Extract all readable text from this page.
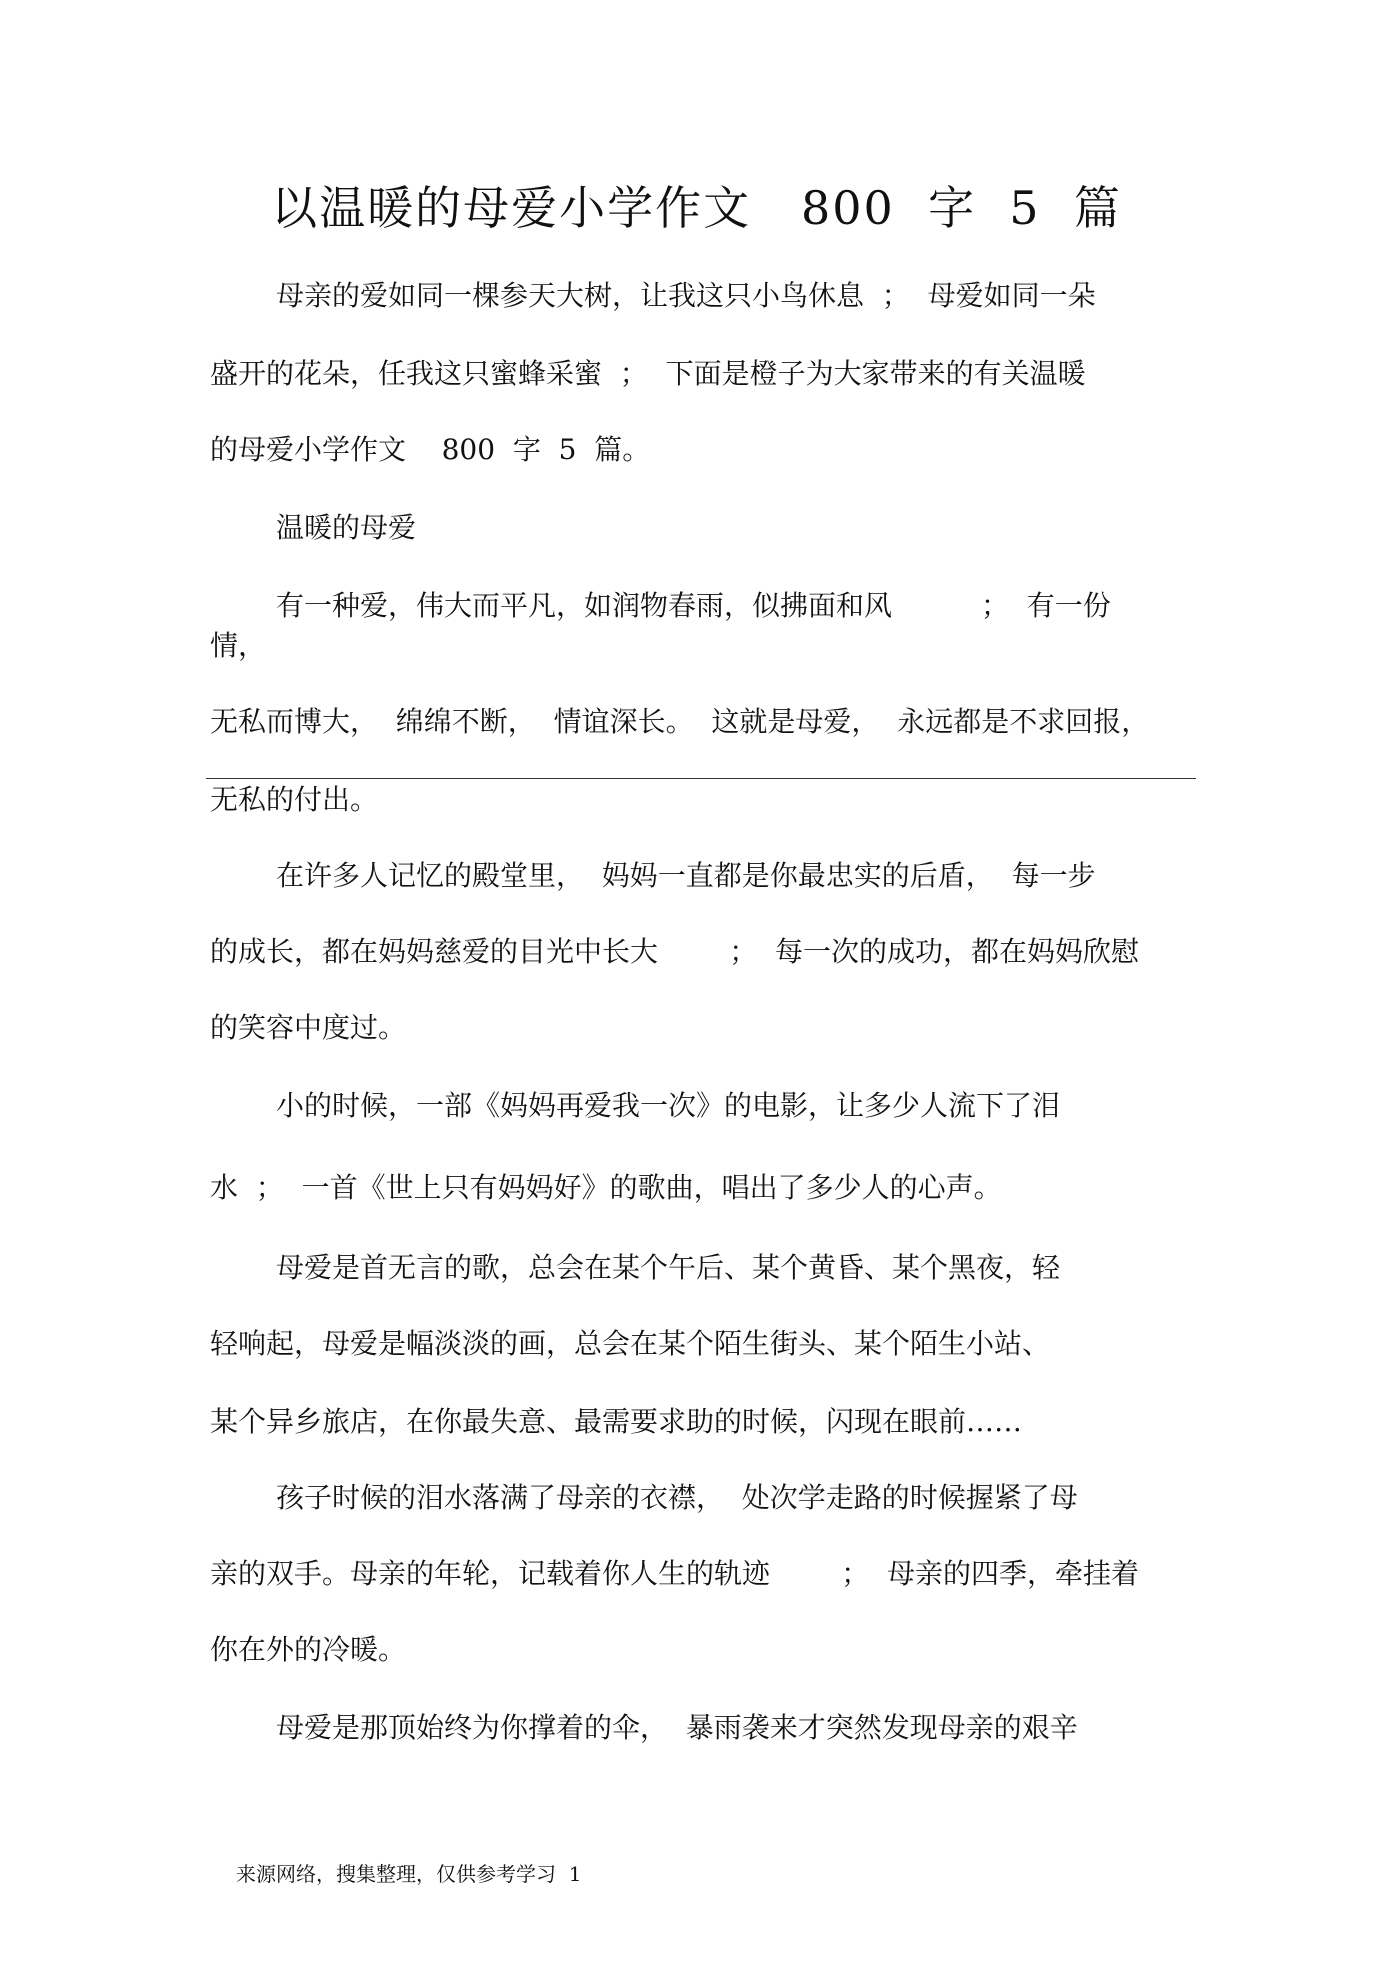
以温暖的母爱小学作文   800  字  5  篇
母亲的爱如同一棵参天大树，让我这只小鸟休息  ；  母爱如同一朵
盛开的花朵，任我这只蜜蜂采蜜  ；  下面是橙子为大家带来的有关温暖
的母爱小学作文    800  字  5  篇。
温暖的母爱
有一种爱，伟大而平凡，如润物春雨，似拂面和风          ；  有一份
情，
无私而博大，  绵绵不断，  情谊深长。  这就是母爱，  永远都是不求回报，
无私的付出。
在许多人记忆的殿堂里，  妈妈一直都是你最忠实的后盾，  每一步
的成长，都在妈妈慈爱的目光中长大        ；  每一次的成功，都在妈妈欣慰
的笑容中度过。
小的时候，一部《妈妈再爱我一次》的电影，让多少人流下了泪
水  ；  一首《世上只有妈妈好》的歌曲，唱出了多少人的心声。
母爱是首无言的歌，总会在某个午后、某个黄昏、某个黑夜，轻
轻响起，母爱是幅淡淡的画，总会在某个陌生街头、某个陌生小站、
某个异乡旅店，在你最失意、最需要求助的时候，闪现在眼前……
孩子时候的泪水落满了母亲的衣襟，  处次学走路的时候握紧了母
亲的双手。母亲的年轮，记载着你人生的轨迹        ；  母亲的四季，牵挂着
你在外的冷暖。
母爱是那顶始终为你撑着的伞，  暴雨袭来才突然发现母亲的艰辛
来源网络，搜集整理，仅供参考学习  1
